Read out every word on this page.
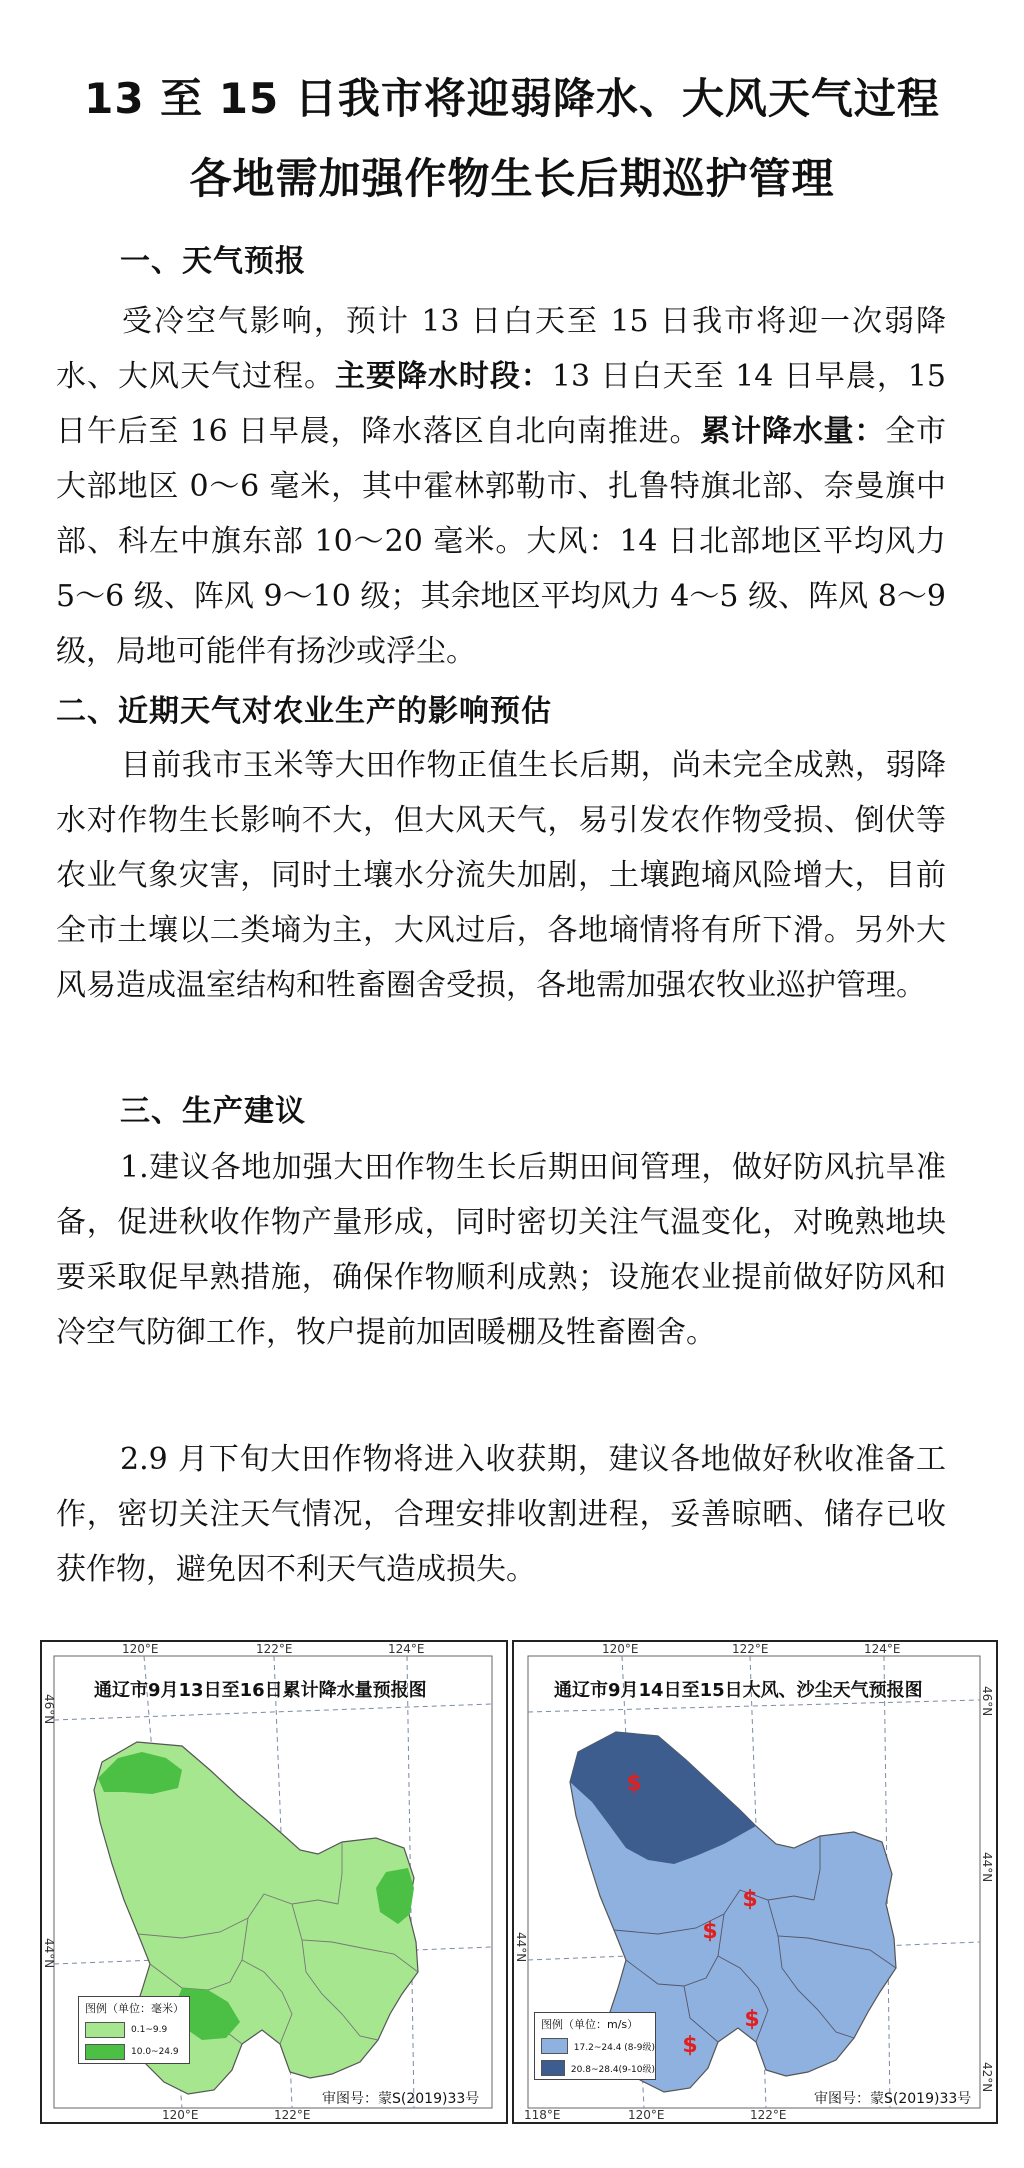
13 至 15 日我市将迎弱降水、大风天气过程
各地需加强作物生长后期巡护管理
一、天气预报

受冷空气影响，预计 13 日白天至 15 日我市将迎一次弱降水、大风天气过程。主要降水时段：13 日白天至 14 日早晨，15 日午后至 16 日早晨，降水落区自北向南推进。累计降水量：全市大部地区 0～6 毫米，其中霍林郭勒市、扎鲁特旗北部、奈曼旗中部、科左中旗东部 10～20 毫米。大风：14 日北部地区平均风力 5～6 级、阵风 9～10 级；其余地区平均风力 4～5 级、阵风 8～9 级，局地可能伴有扬沙或浮尘。

二、近期天气对农业生产的影响预估

目前我市玉米等大田作物正值生长后期，尚未完全成熟，弱降水对作物生长影响不大，但大风天气，易引发农作物受损、倒伏等农业气象灾害，同时土壤水分流失加剧，土壤跑墒风险增大，目前全市土壤以二类墒为主，大风过后，各地墒情将有所下滑。另外大风易造成温室结构和牲畜圈舍受损，各地需加强农牧业巡护管理。

三、生产建议

1.建议各地加强大田作物生长后期田间管理，做好防风抗旱准备，促进秋收作物产量形成，同时密切关注气温变化，对晚熟地块要采取促早熟措施，确保作物顺利成熟；设施农业提前做好防风和冷空气防御工作，牧户提前加固暖棚及牲畜圈舍。

2.9 月下旬大田作物将进入收获期，建议各地做好秋收准备工作，密切关注天气情况，合理安排收割进程，妥善晾晒、储存已收获作物，避免因不利天气造成损失。

通辽市9月13日至16日累计降水量预报图
120°E	122°E	124°E
120°E	122°E
46°N
44°N
图例（单位：毫米）
0.1~9.9
10.0~24.9
审图号：蒙S(2019)33号
$
$
$
$
$
通辽市9月14日至15日大风、沙尘天气预报图
120°E	122°E	124°E
118°E	120°E	122°E
44°N
46°N
44°N
42°N
图例（单位：m/s）
17.2~24.4 (8-9级)
20.8~28.4(9-10级)
审图号：蒙S(2019)33号
